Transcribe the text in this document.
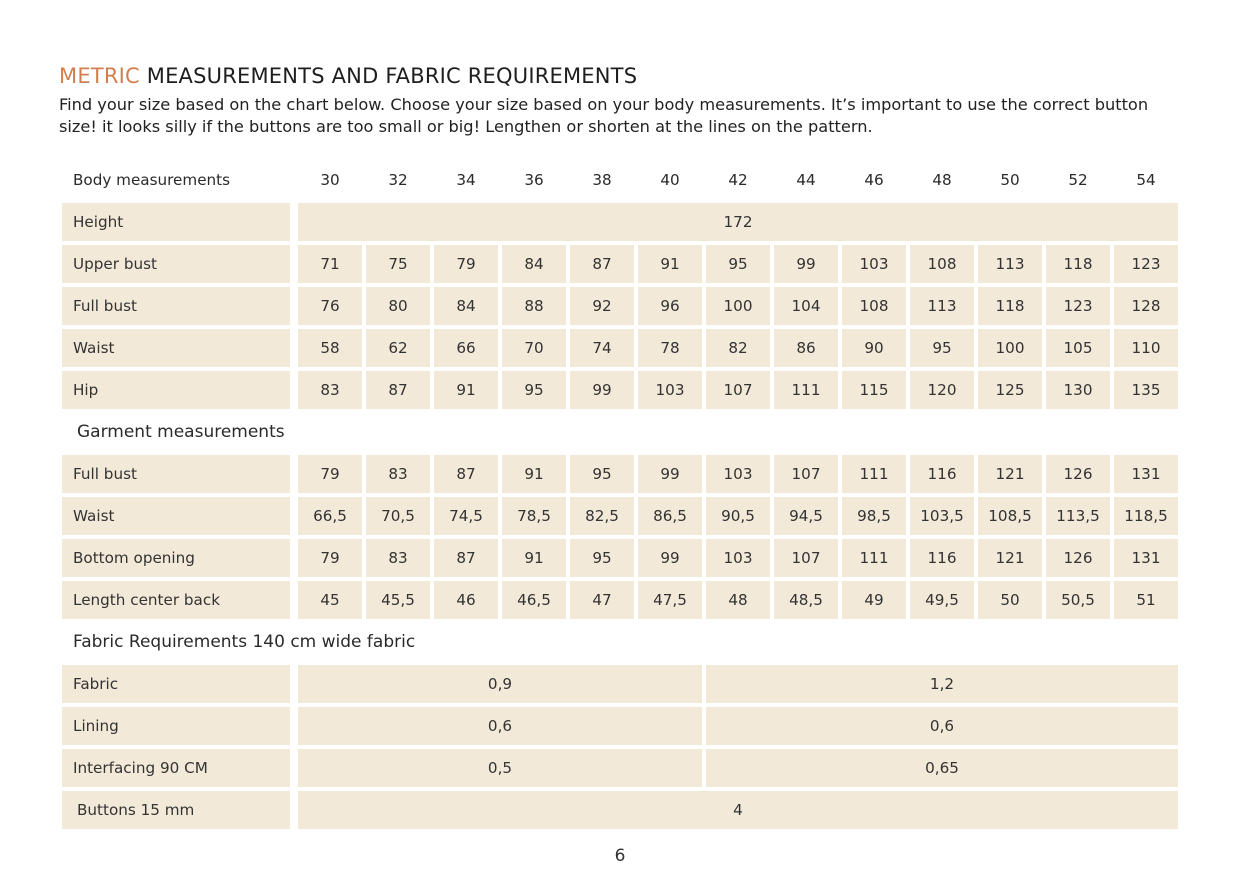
METRIC MEASUREMENTS AND FABRIC REQUIREMENTS
Find your size based on the chart below. Choose your size based on your body measurements. It’s important to use the correct button
size! it looks silly if the buttons are too small or big! Lengthen or shorten at the lines on the pattern.
Body measurements	30	32	34	36	38	40	42	44	46	48	50	52	54
Height	172
Upper bust	71	75	79	84	87	91	95	99	103	108	113	118	123
Full bust	76	80	84	88	92	96	100	104	108	113	118	123	128
Waist	58	62	66	70	74	78	82	86	90	95	100	105	110
Hip	83	87	91	95	99	103	107	111	115	120	125	130	135
Garment measurements
Full bust	79	83	87	91	95	99	103	107	111	116	121	126	131
Waist	66,5	70,5	74,5	78,5	82,5	86,5	90,5	94,5	98,5	103,5	108,5	113,5	118,5
Bottom opening	79	83	87	91	95	99	103	107	111	116	121	126	131
Length center back	45	45,5	46	46,5	47	47,5	48	48,5	49	49,5	50	50,5	51
Fabric Requirements 140 cm wide fabric
Fabric	0,9	1,2
Lining	0,6	0,6
Interfacing 90 CM	0,5	0,65
Buttons 15 mm	4
6
